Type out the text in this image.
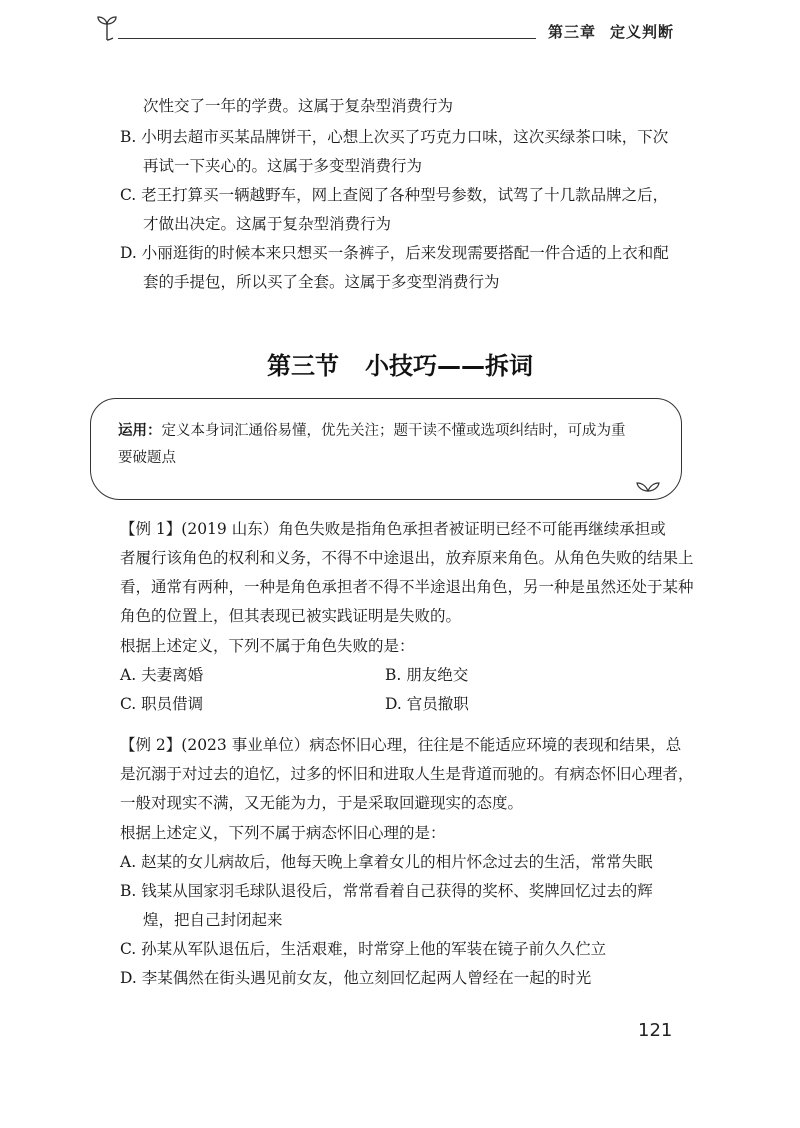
第三章 定义判断
次性交了一年的学费。这属于复杂型消费行为
B. 小明去超市买某品牌饼干，心想上次买了巧克力口味，这次买绿茶口味，下次
再试一下夹心的。这属于多变型消费行为
C. 老王打算买一辆越野车，网上查阅了各种型号参数，试驾了十几款品牌之后，
才做出决定。这属于复杂型消费行为
D. 小丽逛街的时候本来只想买一条裤子，后来发现需要搭配一件合适的上衣和配
套的手提包，所以买了全套。这属于多变型消费行为
第三节 小技巧——拆词
运用：定义本身词汇通俗易懂，优先关注；题干读不懂或选项纠结时，可成为重
要破题点
【例 1】(2019 山东）角色失败是指角色承担者被证明已经不可能再继续承担或
者履行该角色的权利和义务，不得不中途退出，放弃原来角色。从角色失败的结果上
看，通常有两种，一种是角色承担者不得不半途退出角色，另一种是虽然还处于某种
角色的位置上，但其表现已被实践证明是失败的。
根据上述定义，下列不属于角色失败的是：
A. 夫妻离婚	B. 朋友绝交
C. 职员借调	D. 官员撤职
【例 2】(2023 事业单位）病态怀旧心理，往往是不能适应环境的表现和结果，总
是沉溺于对过去的追忆，过多的怀旧和进取人生是背道而驰的。有病态怀旧心理者，
一般对现实不满，又无能为力，于是采取回避现实的态度。
根据上述定义，下列不属于病态怀旧心理的是：
A. 赵某的女儿病故后，他每天晚上拿着女儿的相片怀念过去的生活，常常失眠
B. 钱某从国家羽毛球队退役后，常常看着自己获得的奖杯、奖牌回忆过去的辉
煌，把自己封闭起来
C. 孙某从军队退伍后，生活艰难，时常穿上他的军装在镜子前久久伫立
D. 李某偶然在街头遇见前女友，他立刻回忆起两人曾经在一起的时光
121
